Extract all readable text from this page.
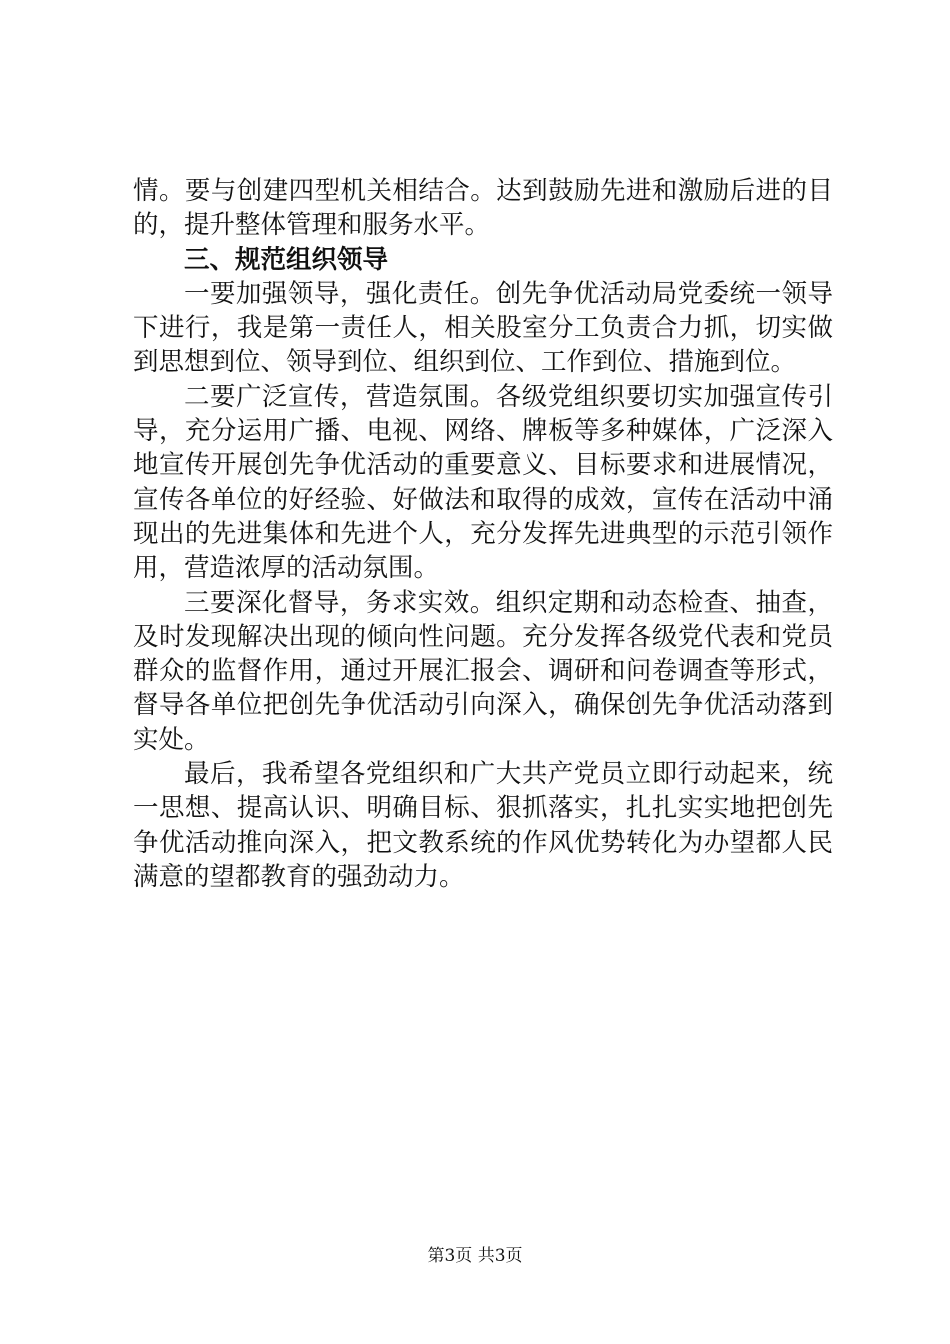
情。要与创建四型机关相结合。达到鼓励先进和激励后进的目
的，提升整体管理和服务水平。
三、规范组织领导
一要加强领导，强化责任。创先争优活动局党委统一领导
下进行，我是第一责任人，相关股室分工负责合力抓，切实做
到思想到位、领导到位、组织到位、工作到位、措施到位。
二要广泛宣传，营造氛围。各级党组织要切实加强宣传引
导，充分运用广播、电视、网络、牌板等多种媒体，广泛深入
地宣传开展创先争优活动的重要意义、目标要求和进展情况，
宣传各单位的好经验、好做法和取得的成效，宣传在活动中涌
现出的先进集体和先进个人，充分发挥先进典型的示范引领作
用，营造浓厚的活动氛围。
三要深化督导，务求实效。组织定期和动态检查、抽查，
及时发现解决出现的倾向性问题。充分发挥各级党代表和党员
群众的监督作用，通过开展汇报会、调研和问卷调查等形式，
督导各单位把创先争优活动引向深入，确保创先争优活动落到
实处。
最后，我希望各党组织和广大共产党员立即行动起来，统
一思想、提高认识、明确目标、狠抓落实，扎扎实实地把创先
争优活动推向深入，把文教系统的作风优势转化为办望都人民
满意的望都教育的强劲动力。
第3页 共3页
